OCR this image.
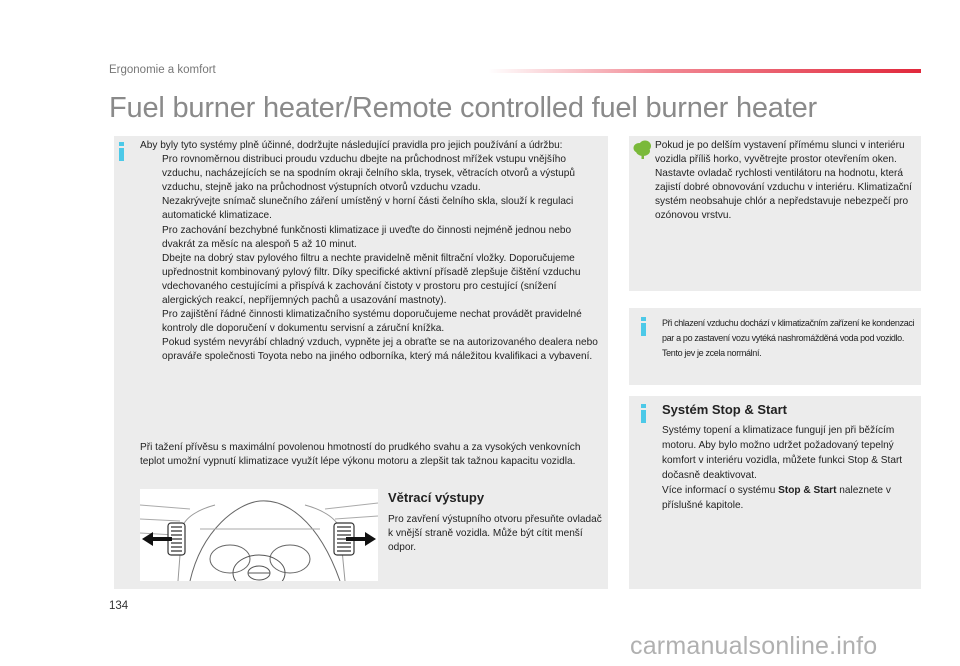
Ergonomie a komfort
Fuel burner heater/Remote controlled fuel burner heater

Aby byly tyto systémy plně účinné, dodržujte následující pravidla pro jejich používání a údržbu:

Pro rovnoměrnou distribuci proudu vzduchu dbejte na průchodnost mřížek vstupu vnějšího vzduchu, nacházejících se na spodním okraji čelního skla, trysek, větracích otvorů a výstupů vzduchu, stejně jako na průchodnost výstupních otvorů vzduchu vzadu.
Nezakrývejte snímač slunečního záření umístěný v horní části čelního skla, slouží k regulaci automatické klimatizace.
Pro zachování bezchybné funkčnosti klimatizace ji uveďte do činnosti nejméně jednou nebo dvakrát za měsíc na alespoň 5 až 10 minut.
Dbejte na dobrý stav pylového filtru a nechte pravidelně měnit filtrační vložky. Doporučujeme upřednostnit kombinovaný pylový filtr. Díky specifické aktivní přísadě zlepšuje čištění vzduchu vdechovaného cestujícími a přispívá k zachování čistoty v prostoru pro cestující (snížení alergických reakcí, nepříjemných pachů a usazování mastnoty).
Pro zajištění řádné činnosti klimatizačního systému doporučujeme nechat provádět pravidelné kontroly dle doporučení v dokumentu servisní a záruční knížka.
Pokud systém nevyrábí chladný vzduch, vypněte jej a obraťte se na autorizovaného dealera nebo opraváře společnosti Toyota nebo na jiného odborníka, který má náležitou kvalifikaci a vybavení.

Při tažení přívěsu s maximální povolenou hmotností do prudkého svahu a za vysokých venkovních teplot umožní vypnutí klimatizace využít lépe výkonu motoru a zlepšit tak tažnou kapacitu vozidla.

Větrací výstupy

Pro zavření výstupního otvoru přesuňte ovladač k vnější straně vozidla. Může být cítit menší odpor.

Pokud je po delším vystavení přímému slunci v interiéru vozidla příliš horko, vyvětrejte prostor otevřením oken. Nastavte ovladač rychlosti ventilátoru na hodnotu, která zajistí dobré obnovování vzduchu v interiéru. Klimatizační systém neobsahuje chlór a nepředstavuje nebezpečí pro ozónovou vrstvu.

Při chlazení vzduchu dochází v klimatizačním zařízení ke kondenzaci par a po zastavení vozu vytéká nashromážděná voda pod vozidlo. Tento jev je zcela normální.

Systém Stop & Start

Systémy topení a klimatizace fungují jen při běžícím motoru. Aby bylo možno udržet požadovaný tepelný komfort v interiéru vozidla, můžete funkci Stop & Start dočasně deaktivovat.
Více informací o systému Stop & Start naleznete v příslušné kapitole.

134
carmanualsonline.info
